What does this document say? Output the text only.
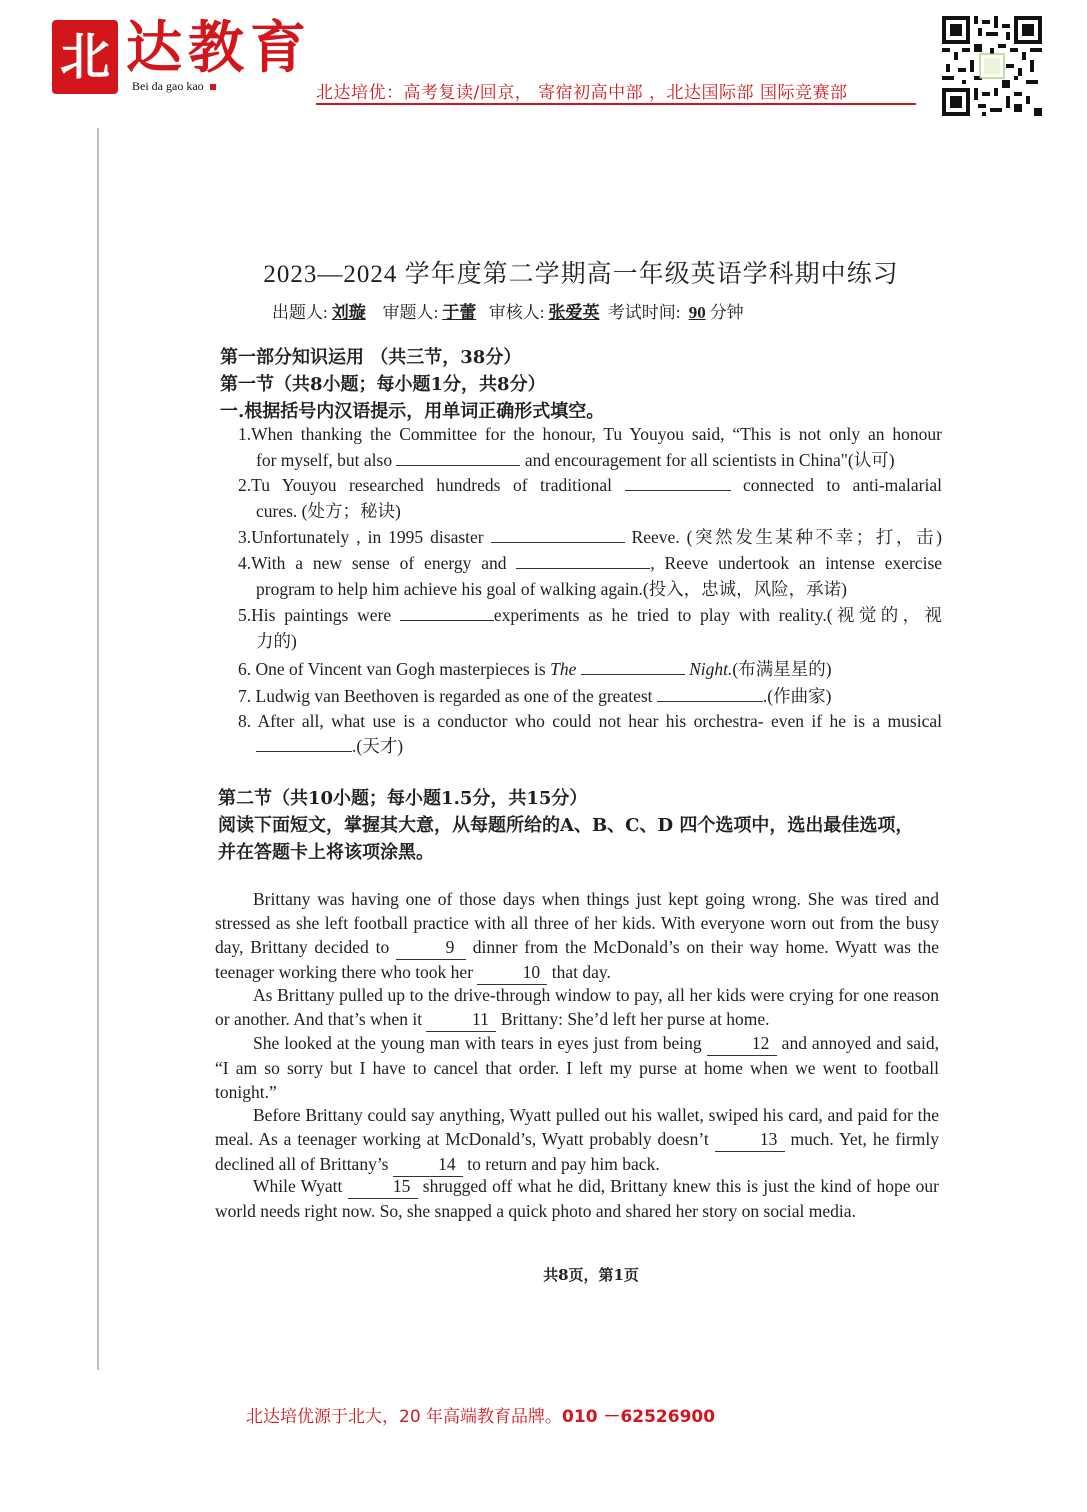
北 达教育
Bei da gao kao	北达培优：高考复读/回京， 寄宿初高中部 ，北达国际部 国际竞赛部
2023—2024 学年度第二学期高一年级英语学科期中练习
出题人: 刘璇 审题人: 于蕾 审核人: 张爱英 考试时间: 90 分钟
第一部分知识运用 （共三节，38分）
第一节（共8小题；每小题1分，共8分）
一.根据括号内汉语提示，用单词正确形式填空。
1.When thanking the Committee for the honour, Tu Youyou said, “This is not only an honour
for myself, but also	and encouragement for all scientists in China"(认可)
2.Tu Youyou researched hundreds of traditional	connected to anti-malarial
cures. (处方；秘诀)
3.Unfortunately , in 1995 disaster	Reeve. (突然发生某种不幸；打，击)
4.With a new sense of energy and	, Reeve undertook an intense exercise
program to help him achieve his goal of walking again.(投入，忠诚，风险，承诺)
5.His paintings were	experiments as he tried to play with reality.(视觉的，视
力的)
6. One of Vincent van Gogh masterpieces is The	Night.(布满星星的)
7. Ludwig van Beethoven is regarded as one of the greatest	.(作曲家)
8. After all, what use is a conductor who could not hear his orchestra- even if he is a musical
.(天才)
第二节（共10小题；每小题1.5分，共15分）
阅读下面短文，掌握其大意，从每题所给的A、B、C、D 四个选项中，选出最佳选项，
并在答题卡上将该项涂黑。
Brittany was having one of those days when things just kept going wrong. She was tired and stressed as she left football practice with all three of her kids. With everyone worn out from the busy day, Brittany decided to	9 dinner from the McDonald’s on their way home. Wyatt was the teenager working there who took her	10 that day.
As Brittany pulled up to the drive-through window to pay, all her kids were crying for one reason or another. And that’s when it	11 Brittany: She’d left her purse at home.
She looked at the young man with tears in eyes just from being	12 and annoyed and said, “I am so sorry but I have to cancel that order. I left my purse at home when we went to football tonight.”
Before Brittany could say anything, Wyatt pulled out his wallet, swiped his card, and paid for the meal. As a teenager working at McDonald’s, Wyatt probably doesn’t	13 much. Yet, he firmly declined all of Brittany’s	14 to return and pay him back.
While Wyatt	15 shrugged off what he did, Brittany knew this is just the kind of hope our world needs right now. So, she snapped a quick photo and shared her story on social media.
共8页，第1页
北达培优源于北大，20 年高端教育品牌。010 －62526900
